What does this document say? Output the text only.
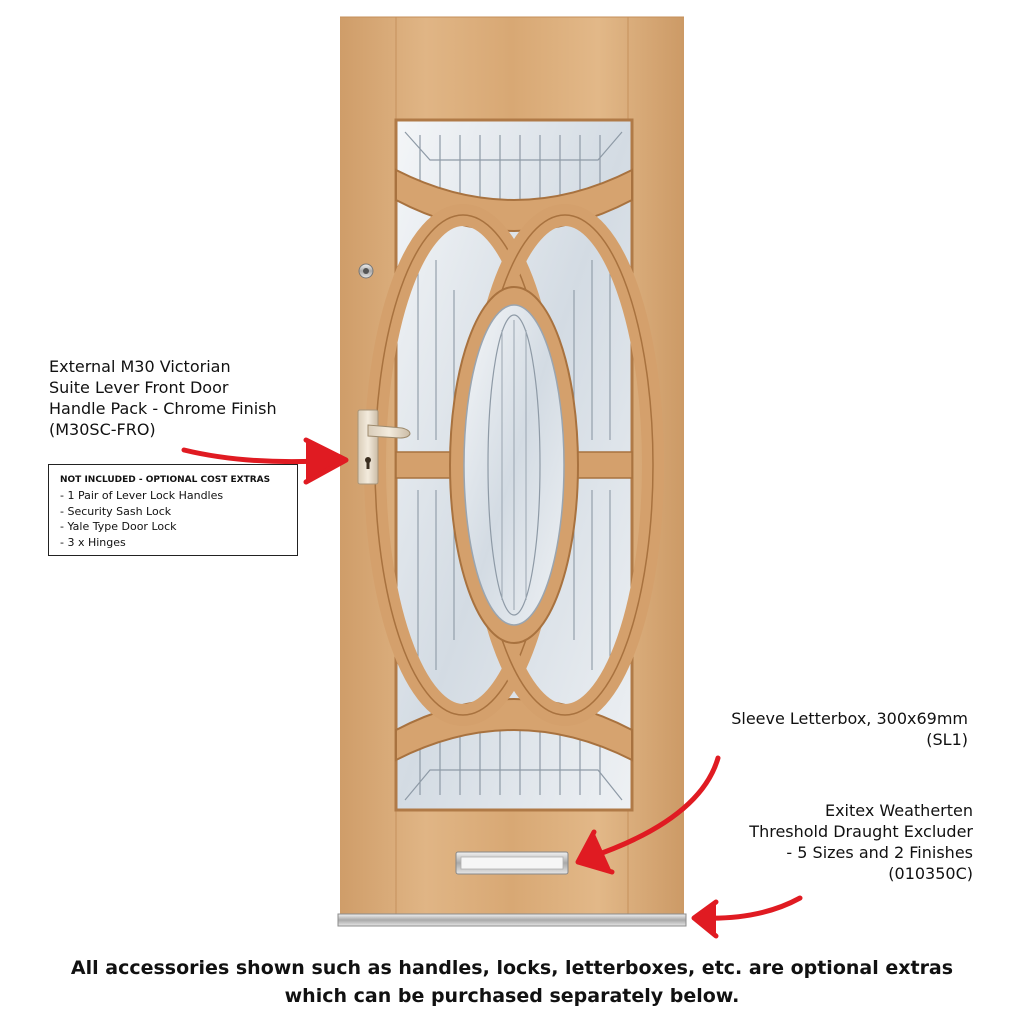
External M30 Victorian
Suite Lever Front Door
Handle Pack - Chrome Finish
(M30SC-FRO)
NOT INCLUDED - OPTIONAL COST EXTRAS
- 1 Pair of Lever Lock Handles
- Security Sash Lock
- Yale Type Door Lock
- 3 x Hinges
Sleeve Letterbox, 300x69mm
(SL1)
Exitex Weatherten
Threshold Draught Excluder
- 5 Sizes and 2 Finishes
(010350C)
All accessories shown such as handles, locks, letterboxes, etc. are optional extras
which can be purchased separately below.
